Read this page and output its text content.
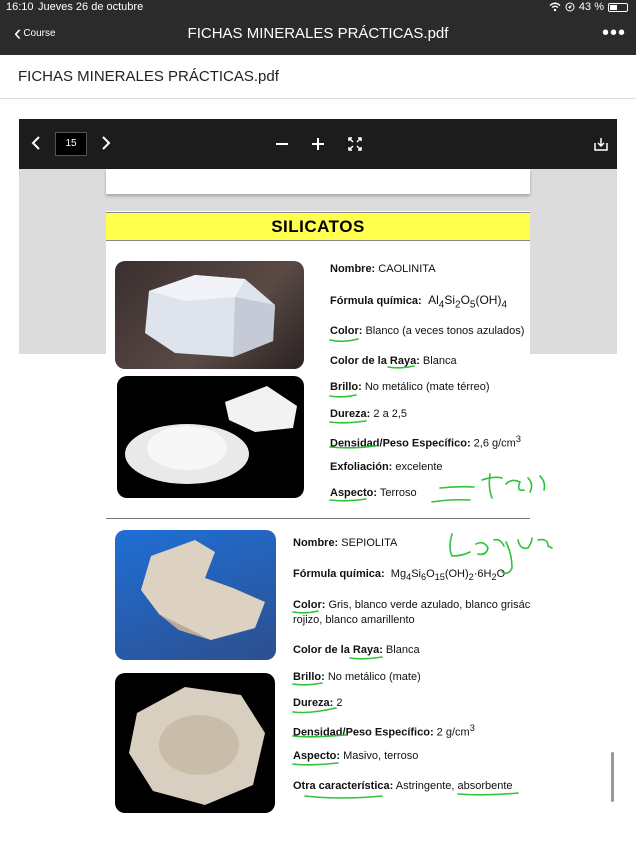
16:10 Jueves 26 de octubre	43 %
‹ Course	FICHAS MINERALES PRÁCTICAS.pdf	•••
FICHAS MINERALES PRÁCTICAS.pdf
15
SILICATOS
Nombre: CAOLINITA
Fórmula química:  $Al_4Si_2O_5(OH)_4$
Color: Blanco (a veces tonos azulados)
Color de la Raya: Blanca
Brillo: No metálico (mate térreo)
Dureza: 2 a 2,5
Densidad/Peso Específico: 2,6 $g/cm^3$
Exfoliación: excelente
Aspecto: Terroso
Nombre: SEPIOLITA
Fórmula química:  $Mg_4Si_6O_{15}(OH)_2\cdot 6H_2O$
Color: Gris, blanco verde azulado, blanco grisác
rojizo, blanco amarillento
Color de la Raya: Blanca
Brillo: No metálico (mate)
Dureza: 2
Densidad/Peso Específico: 2 $g/cm^3$
Aspecto: Masivo, terroso
Otra característica: Astringente, absorbente
